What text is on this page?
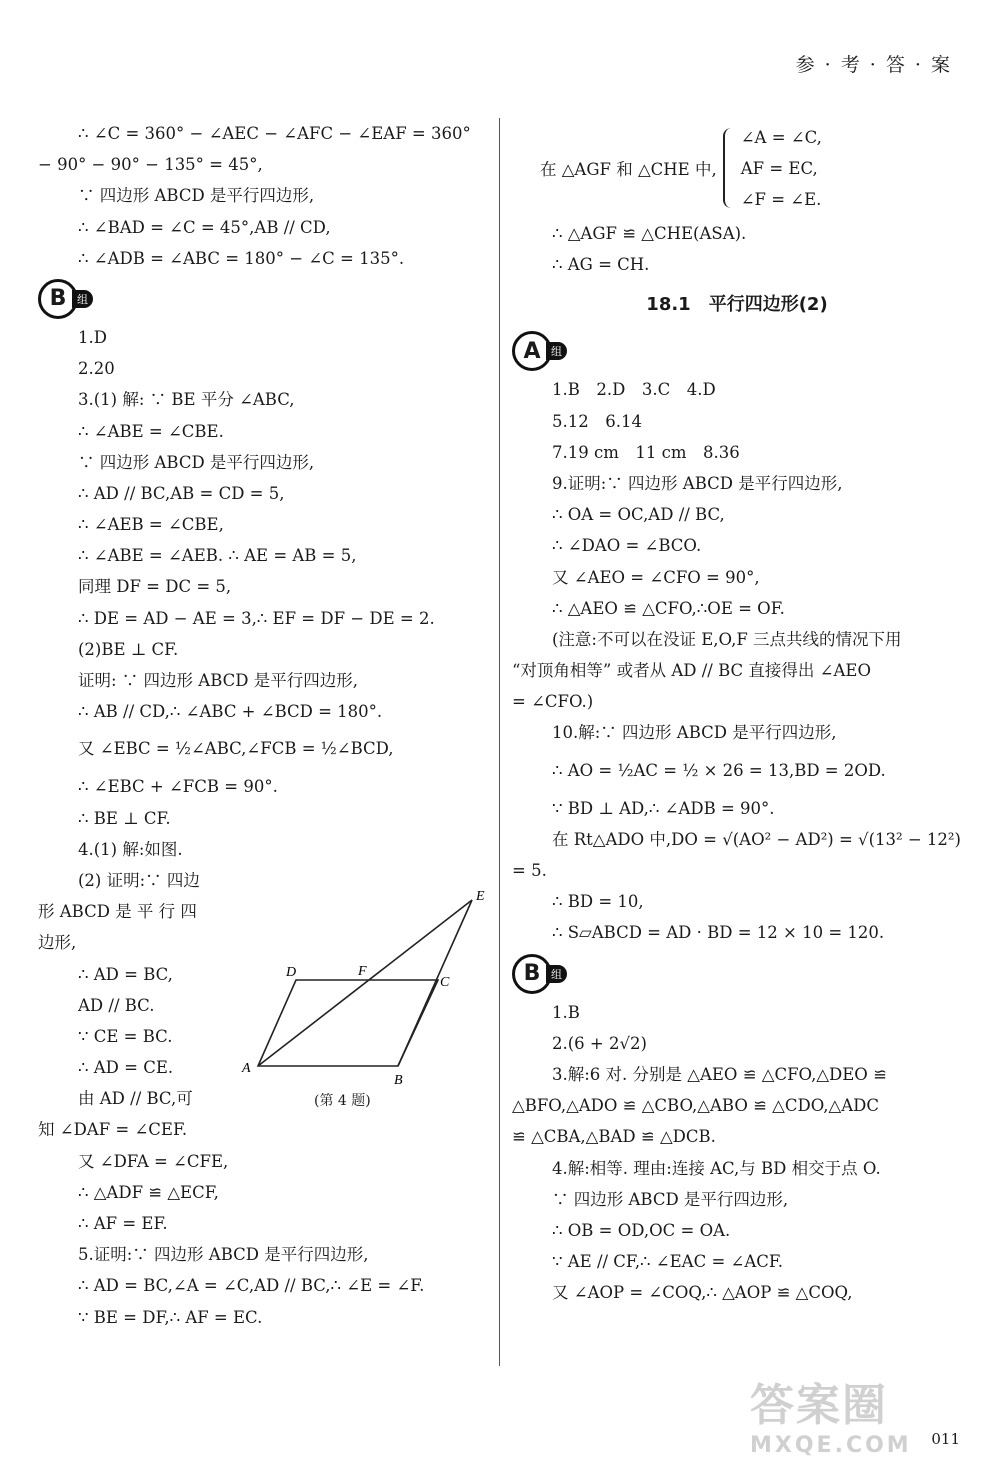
参 · 考 · 答 · 案
∴ ∠C = 360° − ∠AEC − ∠AFC − ∠EAF = 360°
− 90° − 90° − 135° = 45°,
∵ 四边形 ABCD 是平行四边形,
∴ ∠BAD = ∠C = 45°,AB // CD,
∴ ∠ADB = ∠ABC = 180° − ∠C = 135°.
B 组
1.D
2.20
3.(1) 解: ∵ BE 平分 ∠ABC,
∴ ∠ABE = ∠CBE.
∵ 四边形 ABCD 是平行四边形,
∴ AD // BC,AB = CD = 5,
∴ ∠AEB = ∠CBE,
∴ ∠ABE = ∠AEB. ∴ AE = AB = 5,
同理 DF = DC = 5,
∴ DE = AD − AE = 3,∴ EF = DF − DE = 2.
(2)BE ⊥ CF.
证明: ∵ 四边形 ABCD 是平行四边形,
∴ AB // CD,∴ ∠ABC + ∠BCD = 180°.
又 ∠EBC = ½∠ABC,∠FCB = ½∠BCD,
∴ ∠EBC + ∠FCB = 90°.
∴ BE ⊥ CF.
4.(1) 解:如图.
(2) 证明:∵ 四边
形 ABCD 是 平 行 四
边形,
∴ AD = BC,
AD // BC.
∵ CE = BC.
∴ AD = CE.
由 AD // BC,可
知 ∠DAF = ∠CEF.
又 ∠DFA = ∠CFE,
∴ △ADF ≌ △ECF,
∴ AF = EF.
5.证明:∵ 四边形 ABCD 是平行四边形,
∴ AD = BC,∠A = ∠C,AD // BC,∴ ∠E = ∠F.
∵ BE = DF,∴ AF = EC.
A
B
C
D
E
F
(第 4 题)
在 △AGF 和 △CHE 中,
∠A = ∠C,
AF = EC,
∠F = ∠E.
∴ △AGF ≌ △CHE(ASA).
∴ AG = CH.
18.1　平行四边形(2)
A 组
1.B　2.D　3.C　4.D
5.12　6.14
7.19 cm　11 cm　8.36
9.证明:∵ 四边形 ABCD 是平行四边形,
∴ OA = OC,AD // BC,
∴ ∠DAO = ∠BCO.
又 ∠AEO = ∠CFO = 90°,
∴ △AEO ≌ △CFO,∴OE = OF.
(注意:不可以在没证 E,O,F 三点共线的情况下用
“对顶角相等” 或者从 AD // BC 直接得出 ∠AEO
= ∠CFO.)
10.解:∵ 四边形 ABCD 是平行四边形,
∴ AO = ½AC = ½ × 26 = 13,BD = 2OD.
∵ BD ⊥ AD,∴ ∠ADB = 90°.
在 Rt△ADO 中,DO = √(AO² − AD²) = √(13² − 12²)
= 5.
∴ BD = 10,
∴ S▱ABCD = AD · BD = 12 × 10 = 120.
B 组
1.B
2.(6 + 2√2)
3.解:6 对. 分别是 △AEO ≌ △CFO,△DEO ≌
△BFO,△ADO ≌ △CBO,△ABO ≌ △CDO,△ADC
≌ △CBA,△BAD ≌ △DCB.
4.解:相等. 理由:连接 AC,与 BD 相交于点 O.
∵ 四边形 ABCD 是平行四边形,
∴ OB = OD,OC = OA.
∵ AE // CF,∴ ∠EAC = ∠ACF.
又 ∠AOP = ∠COQ,∴ △AOP ≌ △COQ,
答案圈
MXQE.COM	011
